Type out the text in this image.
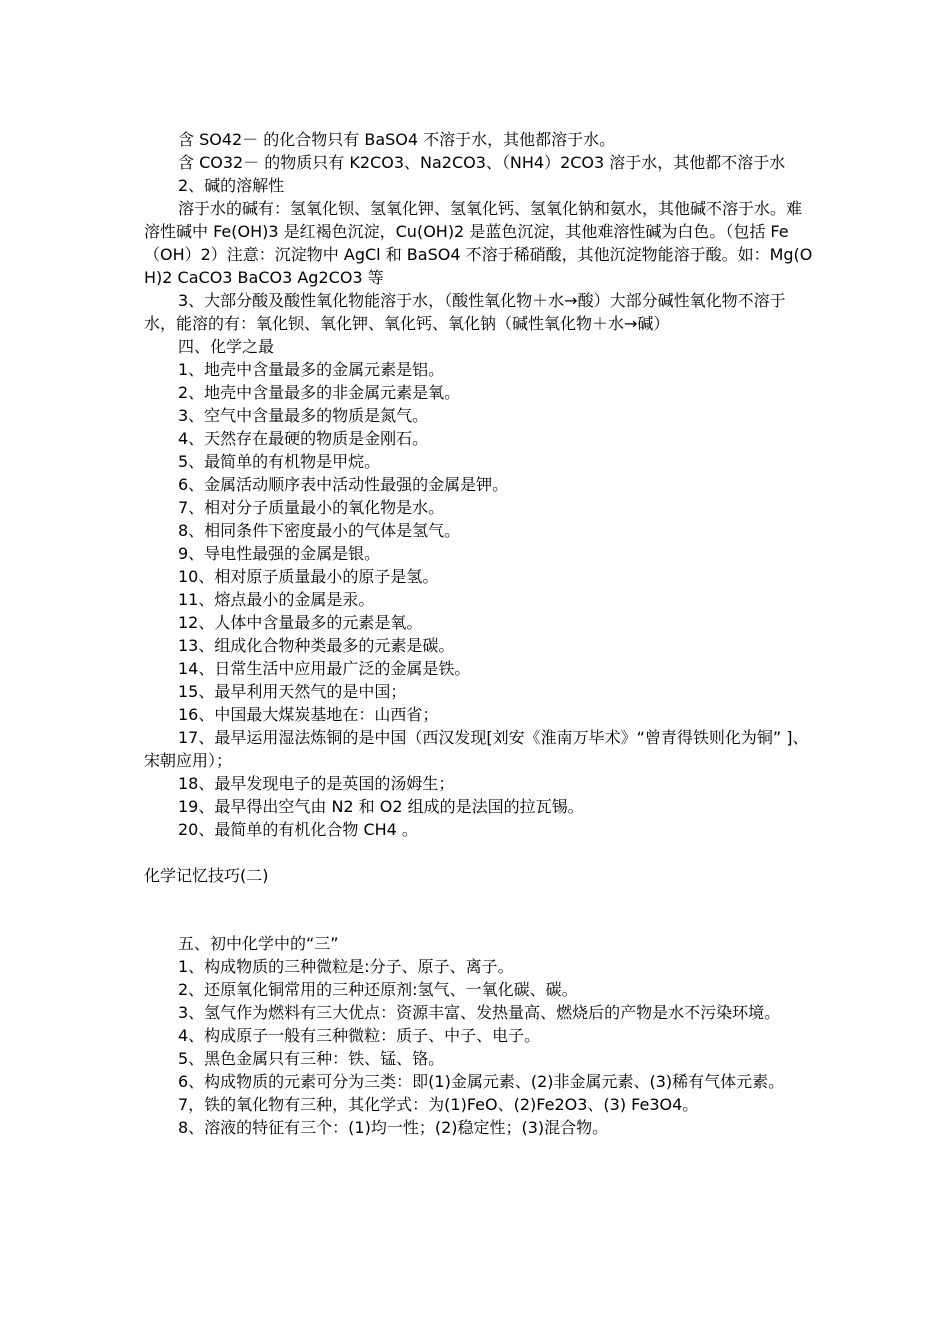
含 SO42－ 的化合物只有 BaSO4 不溶于水，其他都溶于水。

含 CO32－ 的物质只有 K2CO3、Na2CO3、（NH4）2CO3 溶于水，其他都不溶于水

2、碱的溶解性

溶于水的碱有：氢氧化钡、氢氧化钾、氢氧化钙、氢氧化钠和氨水，其他碱不溶于水。难溶性碱中 Fe(OH)3 是红褐色沉淀，Cu(OH)2 是蓝色沉淀，其他难溶性碱为白色。（包括 Fe（OH）2）注意：沉淀物中 AgCl 和 BaSO4 不溶于稀硝酸，其他沉淀物能溶于酸。如：Mg(OH)2 CaCO3 BaCO3 Ag2CO3 等

3、大部分酸及酸性氧化物能溶于水，（酸性氧化物＋水→酸）大部分碱性氧化物不溶于水，能溶的有：氧化钡、氧化钾、氧化钙、氧化钠（碱性氧化物＋水→碱）

四、化学之最

1、地壳中含量最多的金属元素是铝。

2、地壳中含量最多的非金属元素是氧。

3、空气中含量最多的物质是氮气。

4、天然存在最硬的物质是金刚石。

5、最简单的有机物是甲烷。

6、金属活动顺序表中活动性最强的金属是钾。

7、相对分子质量最小的氧化物是水。

8、相同条件下密度最小的气体是氢气。

9、导电性最强的金属是银。

10、相对原子质量最小的原子是氢。

11、熔点最小的金属是汞。

12、人体中含量最多的元素是氧。

13、组成化合物种类最多的元素是碳。

14、日常生活中应用最广泛的金属是铁。

15、最早利用天然气的是中国；

16、中国最大煤炭基地在：山西省；

17、最早运用湿法炼铜的是中国（西汉发现[刘安《淮南万毕术》“曾青得铁则化为铜” ]、宋朝应用）；

18、最早发现电子的是英国的汤姆生；

19、最早得出空气由 N2 和 O2 组成的是法国的拉瓦锡。

20、最简单的有机化合物 CH4 。

化学记忆技巧(二)

五、初中化学中的“三”

1、构成物质的三种微粒是:分子、原子、离子。

2、还原氧化铜常用的三种还原剂:氢气、一氧化碳、碳。

3、氢气作为燃料有三大优点：资源丰富、发热量高、燃烧后的产物是水不污染环境。

4、构成原子一般有三种微粒：质子、中子、电子。

5、黑色金属只有三种：铁、锰、铬。

6、构成物质的元素可分为三类：即(1)金属元素、(2)非金属元素、(3)稀有气体元素。

7，铁的氧化物有三种，其化学式：为(1)FeO、(2)Fe2O3、(3) Fe3O4。

8、溶液的特征有三个：(1)均一性；(2)稳定性；(3)混合物。
